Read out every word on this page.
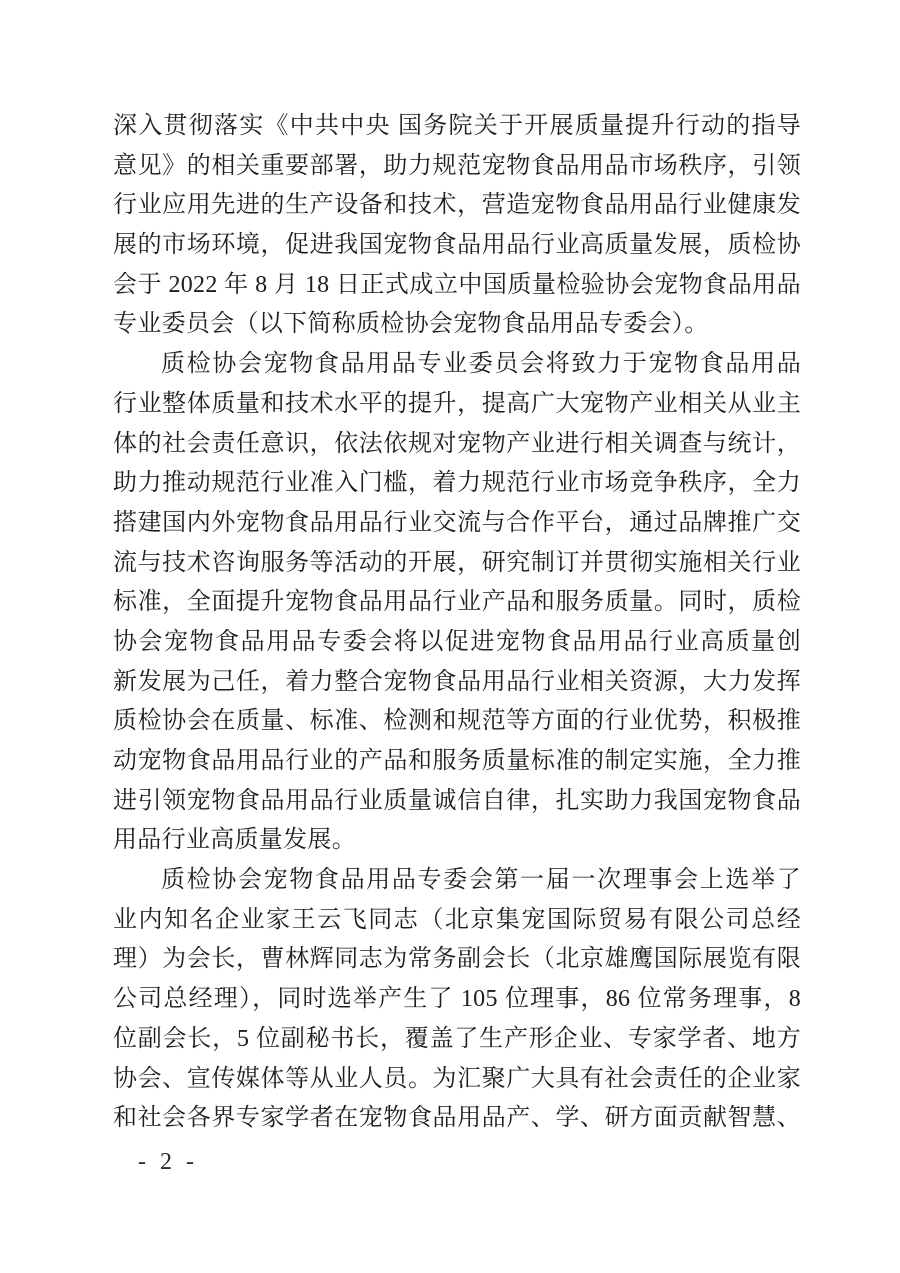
深入贯彻落实《中共中央 国务院关于开展质量提升行动的指导
意见》的相关重要部署，助力规范宠物食品用品市场秩序，引领
行业应用先进的生产设备和技术，营造宠物食品用品行业健康发
展的市场环境，促进我国宠物食品用品行业高质量发展，质检协
会于 2022 年 8 月 18 日正式成立中国质量检验协会宠物食品用品
专业委员会（以下简称质检协会宠物食品用品专委会）。
质检协会宠物食品用品专业委员会将致力于宠物食品用品
行业整体质量和技术水平的提升，提高广大宠物产业相关从业主
体的社会责任意识，依法依规对宠物产业进行相关调查与统计，
助力推动规范行业准入门槛，着力规范行业市场竞争秩序，全力
搭建国内外宠物食品用品行业交流与合作平台，通过品牌推广交
流与技术咨询服务等活动的开展，研究制订并贯彻实施相关行业
标准，全面提升宠物食品用品行业产品和服务质量。同时，质检
协会宠物食品用品专委会将以促进宠物食品用品行业高质量创
新发展为己任，着力整合宠物食品用品行业相关资源，大力发挥
质检协会在质量、标准、检测和规范等方面的行业优势，积极推
动宠物食品用品行业的产品和服务质量标准的制定实施，全力推
进引领宠物食品用品行业质量诚信自律，扎实助力我国宠物食品
用品行业高质量发展。
质检协会宠物食品用品专委会第一届一次理事会上选举了
业内知名企业家王云飞同志（北京集宠国际贸易有限公司总经
理）为会长，曹林辉同志为常务副会长（北京雄鹰国际展览有限
公司总经理），同时选举产生了 105 位理事，86 位常务理事，8
位副会长，5 位副秘书长，覆盖了生产形企业、专家学者、地方
协会、宣传媒体等从业人员。为汇聚广大具有社会责任的企业家
和社会各界专家学者在宠物食品用品产、学、研方面贡献智慧、
- 2 -
